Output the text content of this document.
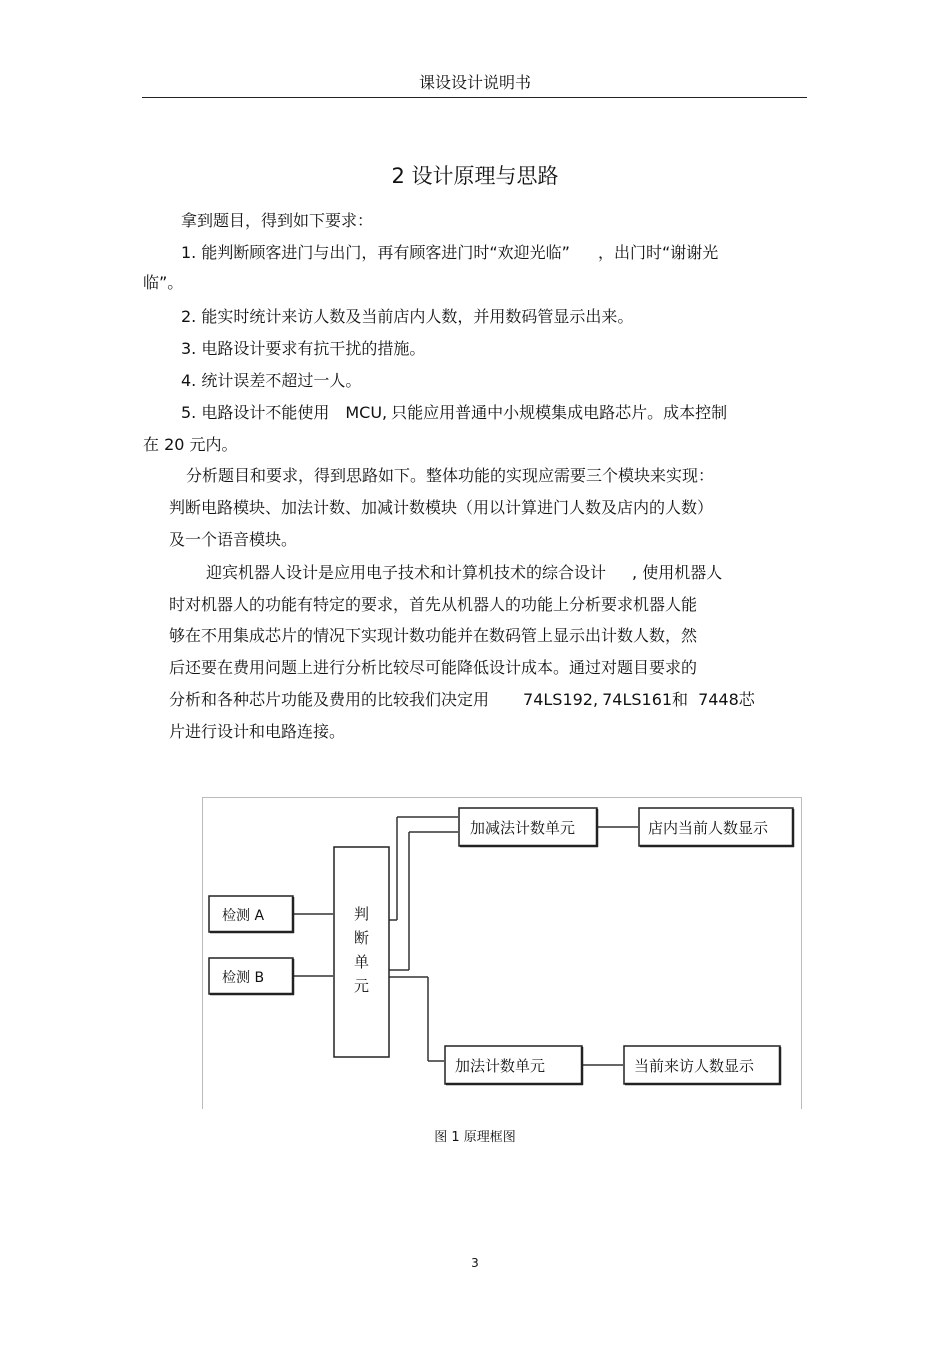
课设设计说明书
2 设计原理与思路
拿到题目，得到如下要求：
1. 能判断顾客进门与出门，再有顾客进门时“欢迎光临” ，出门时“谢谢光
临”。
2. 能实时统计来访人数及当前店内人数，并用数码管显示出来。
3. 电路设计要求有抗干扰的措施。
4. 统计误差不超过一人。
5. 电路设计不能使用 MCU, 只能应用普通中小规模集成电路芯片。成本控制
在 20 元内。
分析题目和要求，得到思路如下。整体功能的实现应需要三个模块来实现：
判断电路模块、加法计数、加减计数模块（用以计算进门人数及店内的人数）
及一个语音模块。
迎宾机器人设计是应用电子技术和计算机技术的综合设计 , 使用机器人
时对机器人的功能有特定的要求，首先从机器人的功能上分析要求机器人能
够在不用集成芯片的情况下实现计数功能并在数码管上显示出计数人数，然
后还要在费用问题上进行分析比较尽可能降低设计成本。通过对题目要求的
分析和各种芯片功能及费用的比较我们决定用 74LS192, 74LS161和 7448芯
片进行设计和电路连接。
检测 A
检测 B
判
断
单
元
加减法计数单元	店内当前人数显示
加法计数单元	当前来访人数显示
图 1 原理框图
3
